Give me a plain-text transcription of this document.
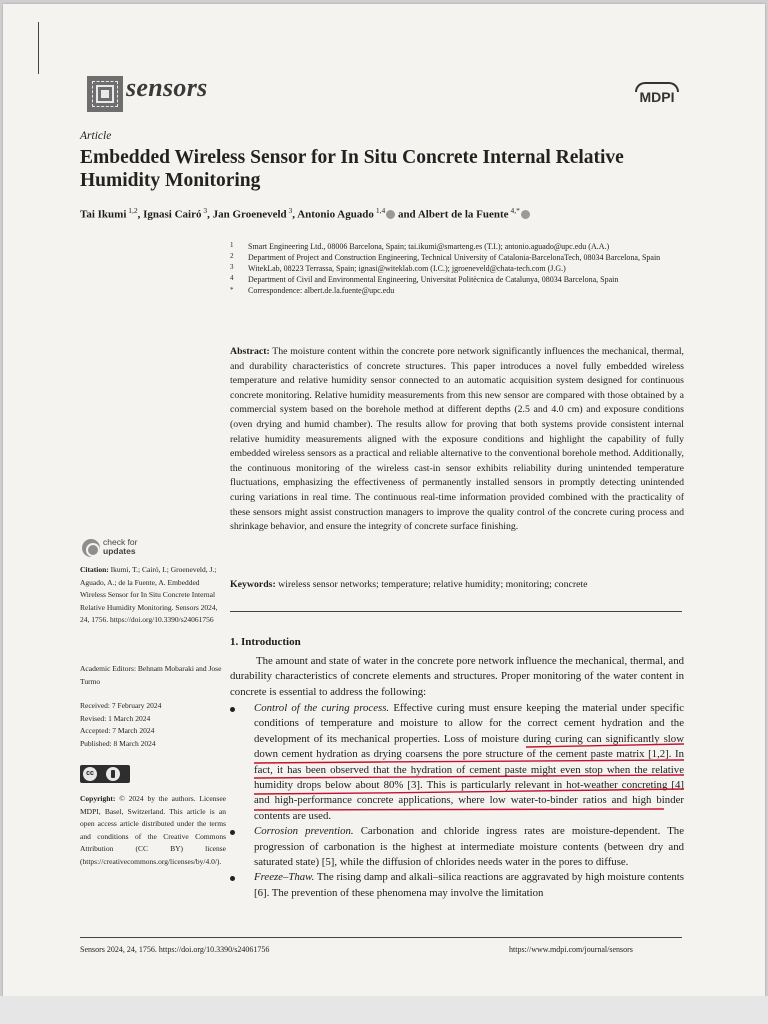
sensors	MDPI
Article
Embedded Wireless Sensor for In Situ Concrete Internal Relative Humidity Monitoring
Tai Ikumi $^{1,2}$, Ignasi Cairó $^3$, Jan Groeneveld $^3$, Antonio Aguado $^{1,4}$ and Albert de la Fuente $^{4,*}$
1 Smart Engineering Ltd., 08006 Barcelona, Spain; tai.ikumi@smarteng.es (T.I.); antonio.aguado@upc.edu (A.A.)
2 Department of Project and Construction Engineering, Technical University of Catalonia-BarcelonaTech, 08034 Barcelona, Spain
3 WitekLab, 08223 Terrassa, Spain; ignasi@witeklab.com (I.C.); jgroeneveld@chata-tech.com (J.G.)
4 Department of Civil and Environmental Engineering, Universitat Politècnica de Catalunya, 08034 Barcelona, Spain
* Correspondence: albert.de.la.fuente@upc.edu
Abstract: The moisture content within the concrete pore network significantly influences the mechanical, thermal, and durability characteristics of concrete structures. This paper introduces a novel fully embedded wireless temperature and relative humidity sensor connected to an automatic acquisition system designed for continuous concrete monitoring. Relative humidity measurements from this new sensor are compared with those obtained by a commercial system based on the borehole method at different depths (2.5 and 4.0 cm) and exposure conditions (oven drying and humid chamber). The results allow for proving that both systems provide consistent internal relative humidity measurements aligned with the exposure conditions and highlight the capability of fully embedded wireless sensors as a practical and reliable alternative to the conventional borehole method. Additionally, the continuous monitoring of the wireless cast-in sensor exhibits reliability during unintended temperature fluctuations, emphasizing the effectiveness of permanently installed sensors in promptly detecting unintended curing variations in real time. The continuous real-time information provided combined with the practicality of these sensors might assist construction managers to improve the quality control of the concrete curing process and shrinkage behavior, and ensure the integrity of concrete surface finishing.
Keywords: wireless sensor networks; temperature; relative humidity; monitoring; concrete
check for
updates
Citation: Ikumi, T.; Cairó, I.; Groeneveld, J.; Aguado, A.; de la Fuente, A. Embedded Wireless Sensor for In Situ Concrete Internal Relative Humidity Monitoring. Sensors 2024, 24, 1756. https://doi.org/10.3390/s24061756
Academic Editors: Behnam Mobaraki and Jose Turmo
Received: 7 February 2024
Revised: 1 March 2024
Accepted: 7 March 2024
Published: 8 March 2024
cc
Copyright: © 2024 by the authors. Licensee MDPI, Basel, Switzerland. This article is an open access article distributed under the terms and conditions of the Creative Commons Attribution (CC BY) license (https://creativecommons.org/licenses/by/4.0/).
1. Introduction
The amount and state of water in the concrete pore network influence the mechanical, thermal, and durability characteristics of concrete elements and structures. Proper monitoring of the water content in concrete is essential to address the following:
Control of the curing process. Effective curing must ensure keeping the material under specific conditions of temperature and moisture to allow for the correct cement hydration and the development of its mechanical properties. Loss of moisture during curing can significantly slow down cement hydration as drying coarsens the pore structure of the cement paste matrix [1,2]. In fact, it has been observed that the hydration of cement paste might even stop when the relative humidity drops below about 80% [3]. This is particularly relevant in hot-weather concreting [4] and high-performance concrete applications, where low water-to-binder ratios and high binder contents are used.
Corrosion prevention. Carbonation and chloride ingress rates are moisture-dependent. The progression of carbonation is the highest at intermediate moisture contents (between dry and saturated state) [5], while the diffusion of chlorides needs water in the pores to diffuse.
Freeze–Thaw. The rising damp and alkali–silica reactions are aggravated by high moisture contents [6]. The prevention of these phenomena may involve the limitation
Sensors 2024, 24, 1756. https://doi.org/10.3390/s24061756	https://www.mdpi.com/journal/sensors
